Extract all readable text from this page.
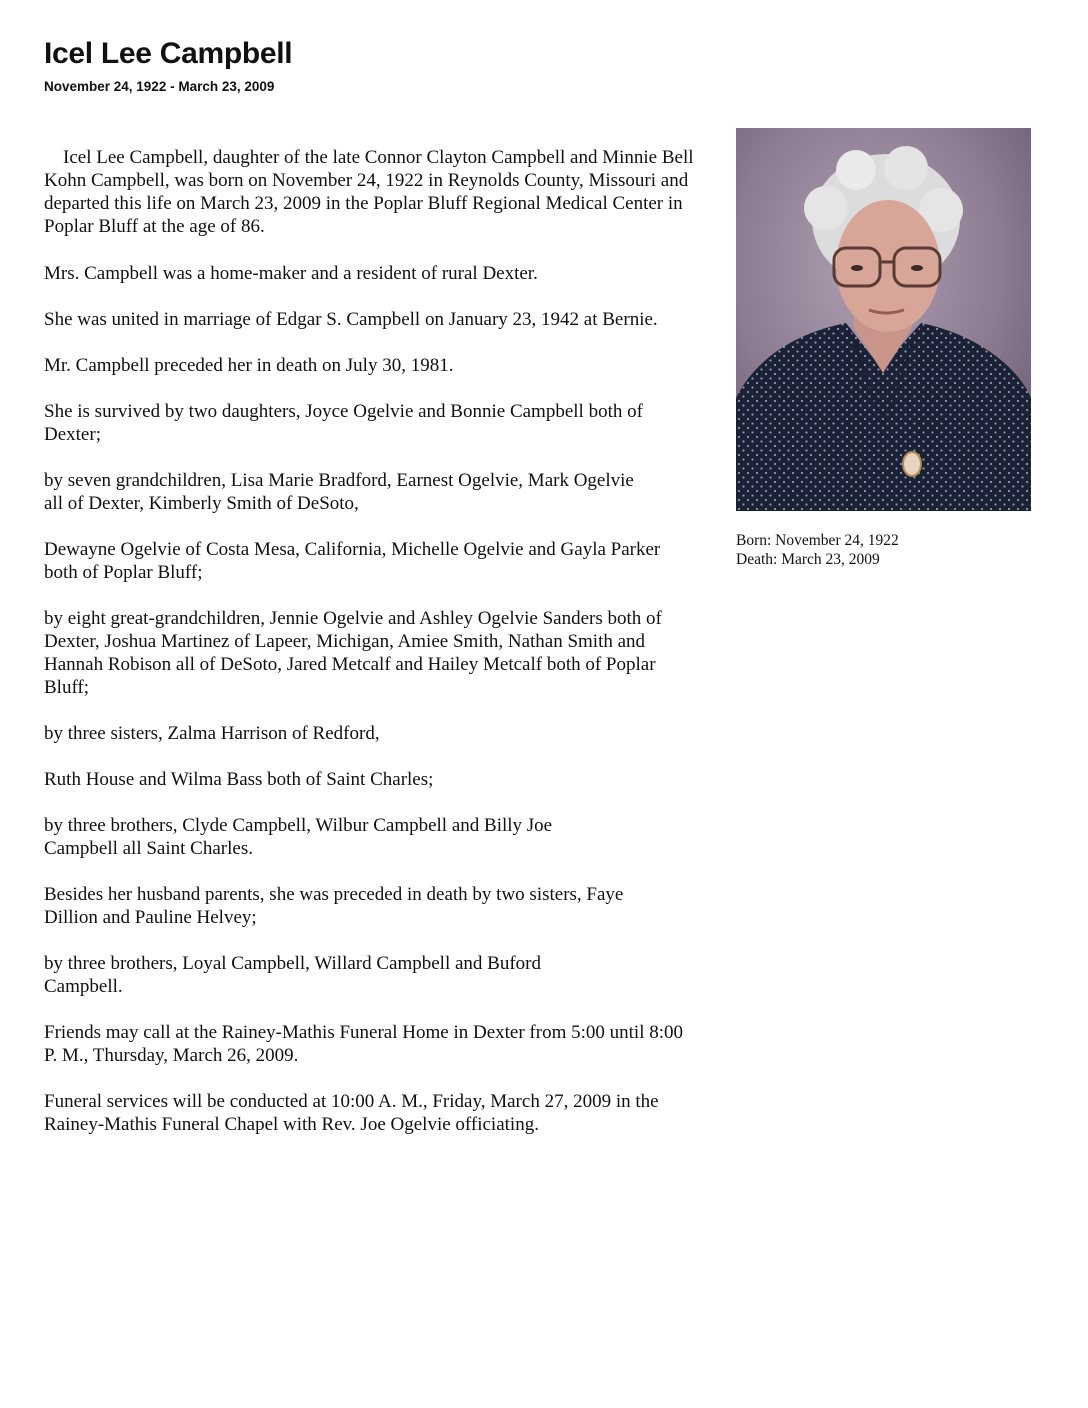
Icel Lee Campbell
November 24, 1922 - March 23, 2009

Icel Lee Campbell, daughter of the late Connor Clayton Campbell and Minnie Bell Kohn Campbell, was born on November 24, 1922 in Reynolds County, Missouri and departed this life on March 23, 2009 in the Poplar Bluff Regional Medical Center in Poplar Bluff at the age of 86.

Mrs. Campbell was a home-maker and a resident of rural Dexter.

She was united in marriage of Edgar S. Campbell on January 23, 1942 at Bernie.

Mr. Campbell preceded her in death on July 30, 1981.

She is survived by two daughters, Joyce Ogelvie and Bonnie Campbell both of Dexter;

by seven grandchildren, Lisa Marie Bradford, Earnest Ogelvie, Mark Ogelvie all of Dexter, Kimberly Smith of DeSoto,

Dewayne Ogelvie of Costa Mesa, California, Michelle Ogelvie and Gayla Parker both of Poplar Bluff;

by eight great-grandchildren, Jennie Ogelvie and Ashley Ogelvie Sanders both of Dexter, Joshua Martinez of Lapeer, Michigan, Amiee Smith, Nathan Smith and Hannah Robison all of DeSoto, Jared Metcalf and Hailey Metcalf both of Poplar Bluff;

by three sisters, Zalma Harrison of Redford,

Ruth House and Wilma Bass both of Saint Charles;

by three brothers, Clyde Campbell, Wilbur Campbell and Billy Joe Campbell all Saint Charles.

Besides her husband parents, she was preceded in death by two sisters, Faye Dillion and Pauline Helvey;

by three brothers, Loyal Campbell, Willard Campbell and Buford Campbell.

Friends may call at the Rainey-Mathis Funeral Home in Dexter from 5:00 until 8:00 P. M., Thursday, March 26, 2009.

Funeral services will be conducted at 10:00 A. M., Friday, March 27, 2009 in the Rainey-Mathis Funeral Chapel with Rev. Joe Ogelvie officiating.

Born: November 24, 1922
Death: March 23, 2009
